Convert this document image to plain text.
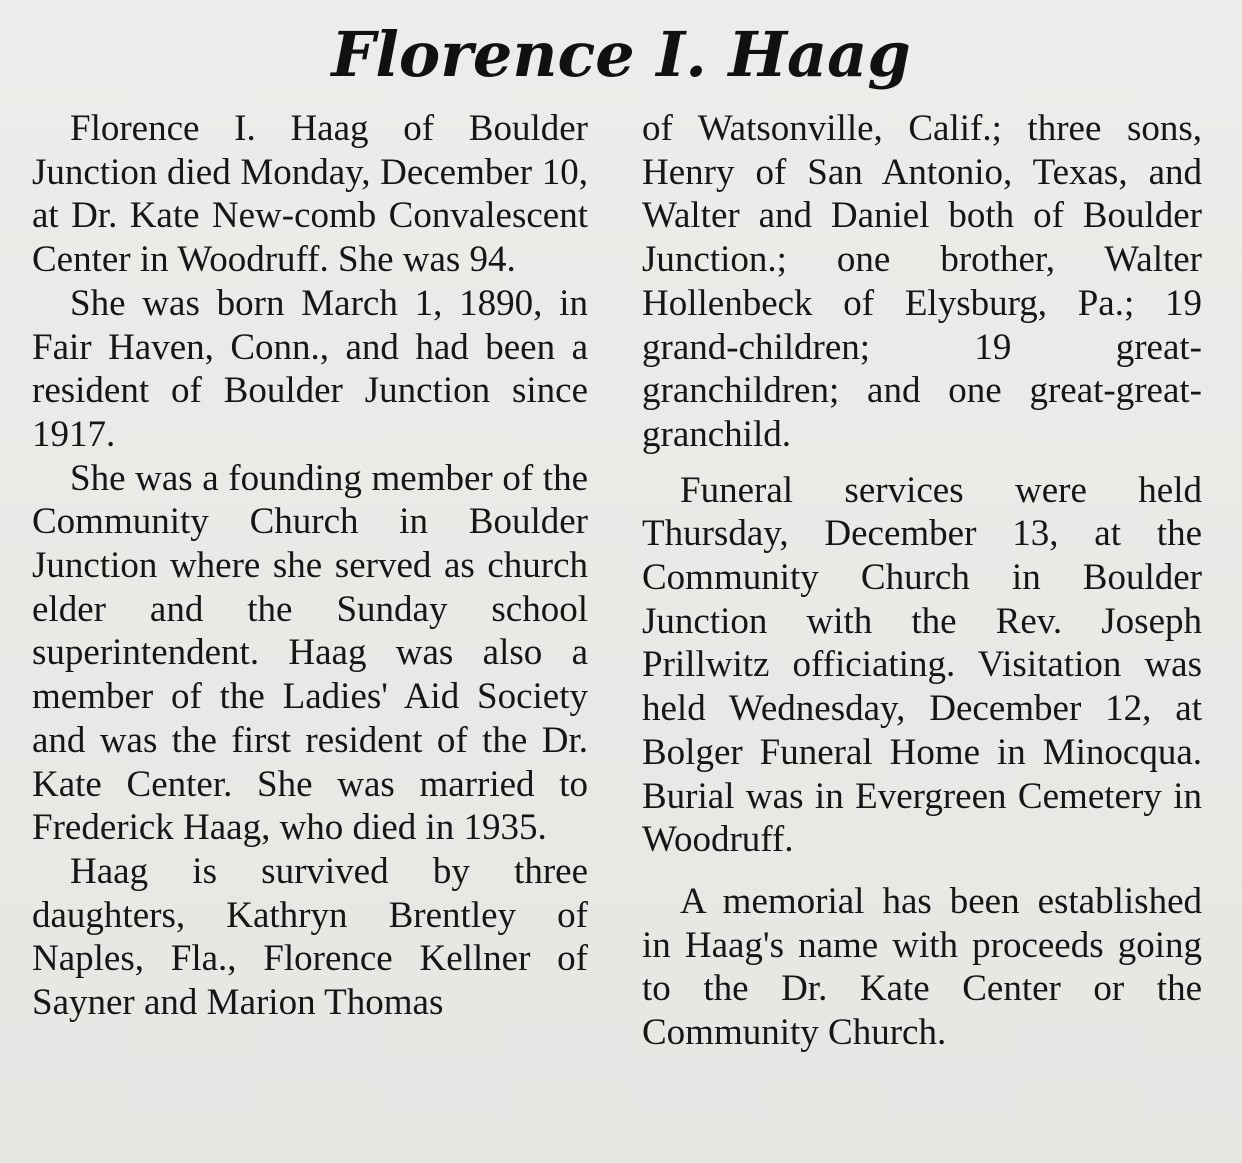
Florence I. Haag

Florence I. Haag of Boulder Junction died Monday, December 10, at Dr. Kate New-comb Convalescent Center in Woodruff. She was 94.

She was born March 1, 1890, in Fair Haven, Conn., and had been a resident of Boulder Junction since 1917.

She was a founding member of the Community Church in Boulder Junction where she served as church elder and the Sunday school superintendent. Haag was also a member of the Ladies' Aid Society and was the first resident of the Dr. Kate Center. She was married to Frederick Haag, who died in 1935.

Haag is survived by three daughters, Kathryn Brentley of Naples, Fla., Florence Kellner of Sayner and Marion Thomas

of Watsonville, Calif.; three sons, Henry of San Antonio, Texas, and Walter and Daniel both of Boulder Junction.; one brother, Walter Hollenbeck of Elysburg, Pa.; 19 grand-children; 19 great-granchildren; and one great-great-granchild.

Funeral services were held Thursday, December 13, at the Community Church in Boulder Junction with the Rev. Joseph Prillwitz officiating. Visitation was held Wednesday, December 12, at Bolger Funeral Home in Minocqua. Burial was in Evergreen Cemetery in Woodruff.

A memorial has been established in Haag's name with proceeds going to the Dr. Kate Center or the Community Church.
